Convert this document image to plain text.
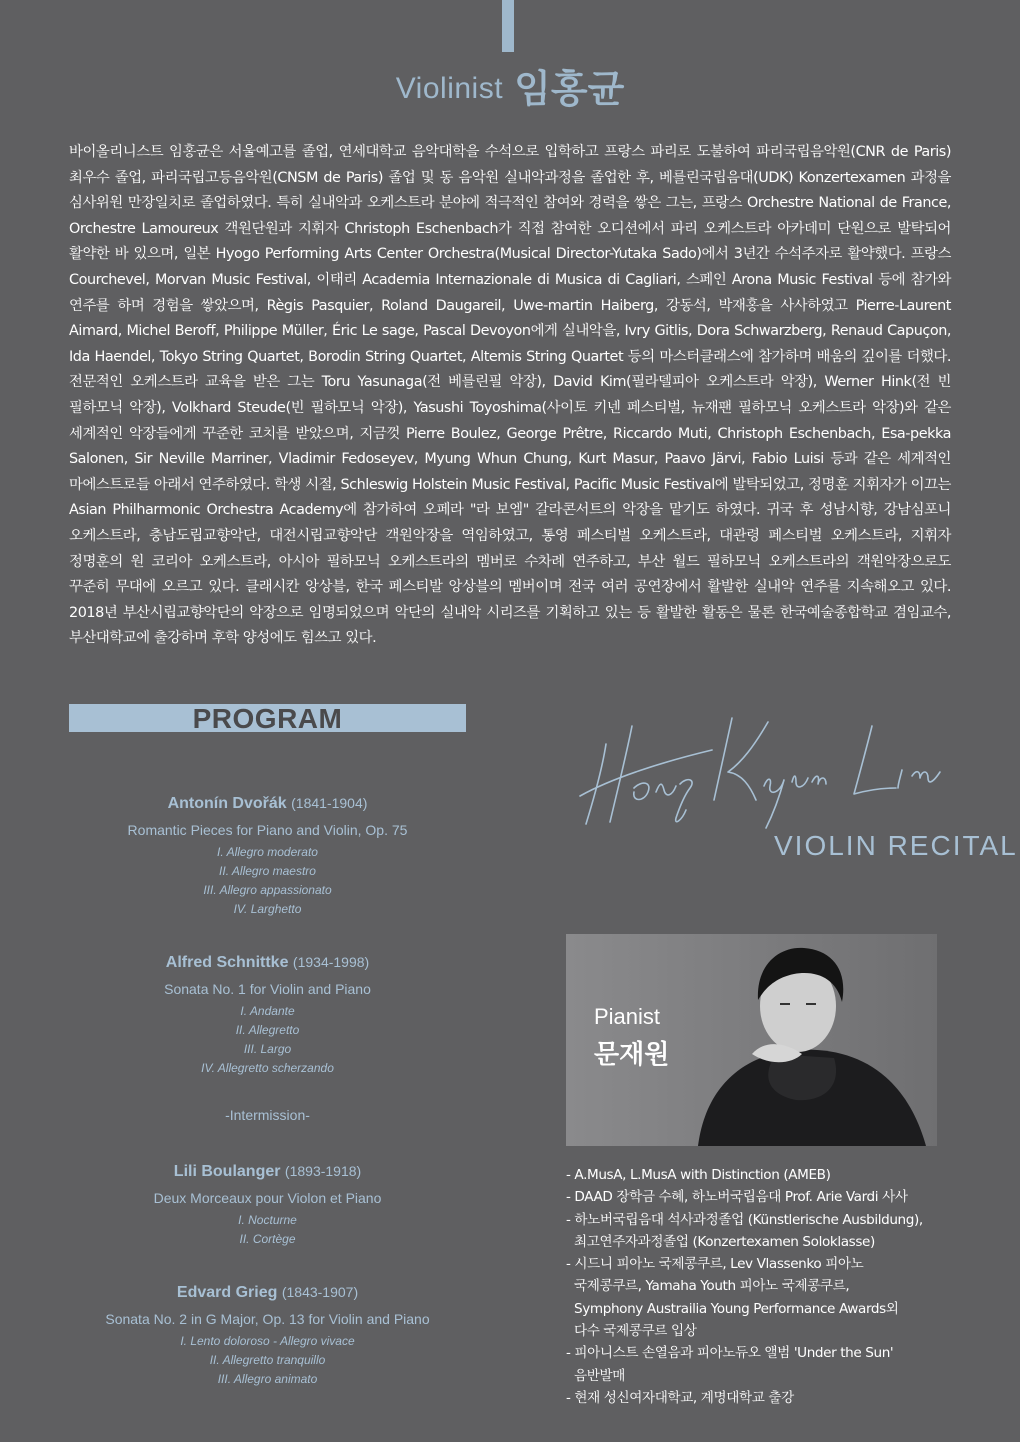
Violinist 임홍균

바이올리니스트 임홍균은 서울예고를 졸업, 연세대학교 음악대학을 수석으로 입학하고 프랑스 파리로 도불하여 파리국립음악원(CNR de Paris)

최우수 졸업, 파리국립고등음악원(CNSM de Paris) 졸업 및 동 음악원 실내악과정을 졸업한 후, 베를린국립음대(UDK) Konzertexamen 과정을

심사위원 만장일치로 졸업하였다. 특히 실내악과 오케스트라 분야에 적극적인 참여와 경력을 쌓은 그는, 프랑스 Orchestre National de France,

Orchestre Lamoureux 객원단원과 지휘자 Christoph Eschenbach가 직접 참여한 오디션에서 파리 오케스트라 아카데미 단원으로 발탁되어

활약한 바 있으며, 일본 Hyogo Performing Arts Center Orchestra(Musical Director-Yutaka Sado)에서 3년간 수석주자로 활약했다. 프랑스

Courchevel, Morvan Music Festival, 이태리 Academia Internazionale di Musica di Cagliari, 스페인 Arona Music Festival 등에 참가와

연주를 하며 경험을 쌓았으며, Règis Pasquier, Roland Daugareil, Uwe-martin Haiberg, 강동석, 박재홍을 사사하였고 Pierre-Laurent

Aimard, Michel Beroff, Philippe Müller, Éric Le sage, Pascal Devoyon에게 실내악을, Ivry Gitlis, Dora Schwarzberg, Renaud Capuçon,

Ida Haendel, Tokyo String Quartet, Borodin String Quartet, Altemis String Quartet 등의 마스터클래스에 참가하며 배움의 깊이를 더했다.

전문적인 오케스트라 교육을 받은 그는 Toru Yasunaga(전 베를린필 악장), David Kim(필라델피아 오케스트라 악장), Werner Hink(전 빈

필하모닉 악장), Volkhard Steude(빈 필하모닉 악장), Yasushi Toyoshima(사이토 키넨 페스티벌, 뉴재팬 필하모닉 오케스트라 악장)와 같은

세계적인 악장들에게 꾸준한 코치를 받았으며, 지금껏 Pierre Boulez, George Prêtre, Riccardo Muti, Christoph Eschenbach, Esa-pekka

Salonen, Sir Neville Marriner, Vladimir Fedoseyev, Myung Whun Chung, Kurt Masur, Paavo Järvi, Fabio Luisi 등과 같은 세계적인

마에스트로들 아래서 연주하였다. 학생 시절, Schleswig Holstein Music Festival, Pacific Music Festival에 발탁되었고, 정명훈 지휘자가 이끄는

Asian Philharmonic Orchestra Academy에 참가하여 오페라 "라 보엠" 갈라콘서트의 악장을 맡기도 하였다. 귀국 후 성남시향, 강남심포니

오케스트라, 충남도립교향악단, 대전시립교향악단 객원악장을 역임하였고, 통영 페스티벌 오케스트라, 대관령 페스티벌 오케스트라, 지휘자

정명훈의 원 코리아 오케스트라, 아시아 필하모닉 오케스트라의 멤버로 수차례 연주하고, 부산 월드 필하모닉 오케스트라의 객원악장으로도

꾸준히 무대에 오르고 있다. 클래시칸 앙상블, 한국 페스티발 앙상블의 멤버이며 전국 여러 공연장에서 활발한 실내악 연주를 지속해오고 있다.

2018년 부산시립교향악단의 악장으로 임명되었으며 악단의 실내악 시리즈를 기획하고 있는 등 활발한 활동은 물론 한국예술종합학교 겸임교수,

부산대학교에 출강하며 후학 양성에도 힘쓰고 있다.

PROGRAM
Antonín Dvořák (1841-1904)
Romantic Pieces for Piano and Violin, Op. 75
I. Allegro moderato
II. Allegro maestro
III. Allegro appassionato
IV. Larghetto
Alfred Schnittke (1934-1998)
Sonata No. 1 for Violin and Piano
I. Andante
II. Allegretto
III. Largo
IV. Allegretto scherzando
-Intermission-
Lili Boulanger (1893-1918)
Deux Morceaux pour Violon et Piano
I. Nocturne
II. Cortège
Edvard Grieg (1843-1907)
Sonata No. 2 in G Major, Op. 13 for Violin and Piano
I. Lento doloroso - Allegro vivace
II. Allegretto tranquillo
III. Allegro animato
VIOLIN RECITAL
Pianist
문재원
- A.MusA, L.MusA with Distinction (AMEB)
- DAAD 장학금 수혜, 하노버국립음대 Prof. Arie Vardi 사사
- 하노버국립음대 석사과정졸업 (Künstlerische Ausbildung),
최고연주자과정졸업 (Konzertexamen Soloklasse)
- 시드니 피아노 국제콩쿠르, Lev Vlassenko 피아노
국제콩쿠르, Yamaha Youth 피아노 국제콩쿠르,
Symphony Austrailia Young Performance Awards외
다수 국제콩쿠르 입상
- 피아니스트 손열음과 피아노듀오 앨범 'Under the Sun'
음반발매
- 현재 성신여자대학교, 계명대학교 출강
